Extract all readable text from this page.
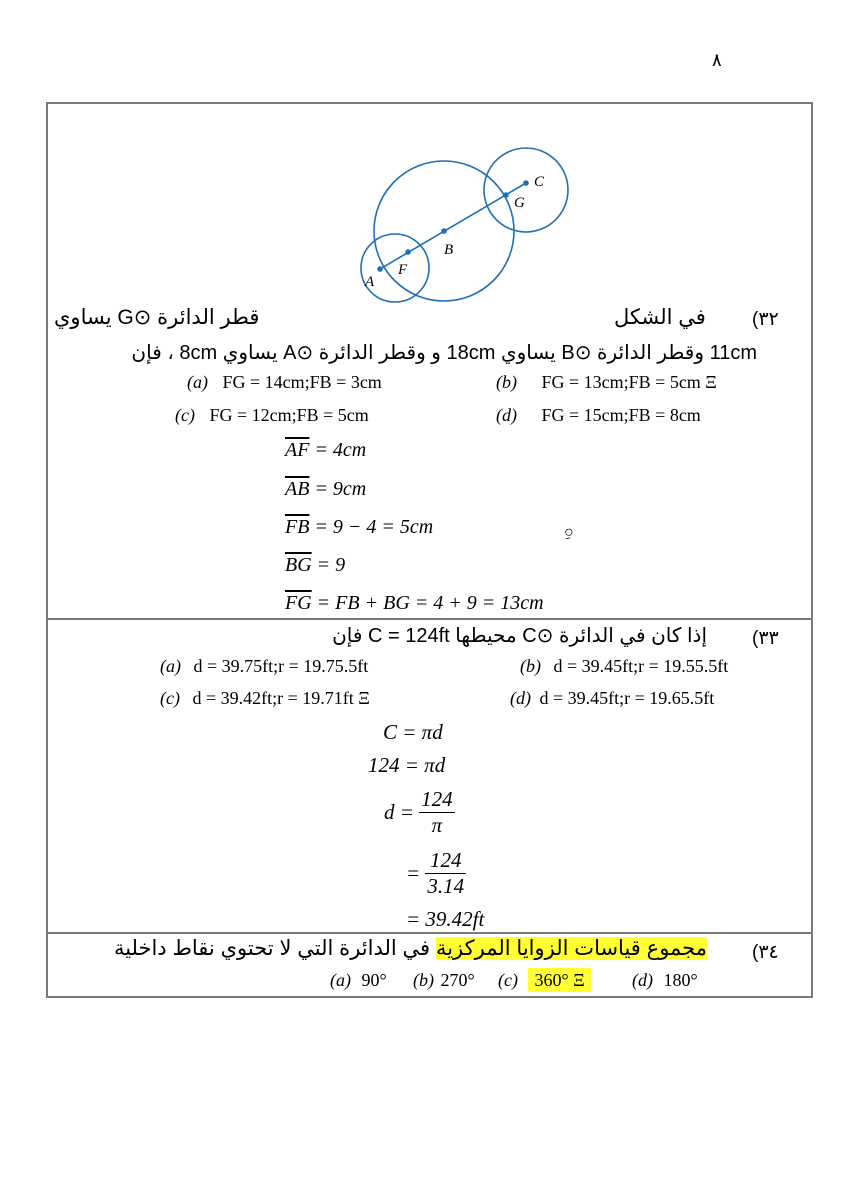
٨
A
F
B
G
C
٣٢)
في الشكل
قطر الدائرة ⊙G يساوي
11cm وقطر الدائرة ⊙B يساوي 18cm و وقطر الدائرة ⊙A يساوي 8cm ، فإن
(a) FG = 14cm;FB = 3cm	(b) FG = 13cm;FB = 5cm Ξ
(c) FG = 12cm;FB = 5cm	(d) FG = 15cm;FB = 8cm
$\overline{AF} = 4cm$
$\overline{AB} = 9cm$
$\overline{FB} = 9 - 4 = 5cm$
$\overline{BG} = 9$
$\overline{FG}$ = FB + BG = 4 + 9 = 13cm
ِ○
٣٣)
إذا كان في الدائرة ⊙C محيطها C = 124ft فإن
(a) d = 39.75ft;r = 19.75.5ft	(b) d = 39.45ft;r = 19.55.5ft
(c) d = 39.42ft;r = 19.71ft Ξ	(d) d = 39.45ft;r = 19.65.5ft
C = πd
124 = πd
$d = \frac{124}{\pi}$
= $\frac{124}{3.14}$
= 39.42ft
٣٤)
مجموع قياسات الزوايا المركزية في الدائرة التي لا تحتوي نقاط داخلية
(a) 90° (b) 270° (c) 360° Ξ	(d) 180°
